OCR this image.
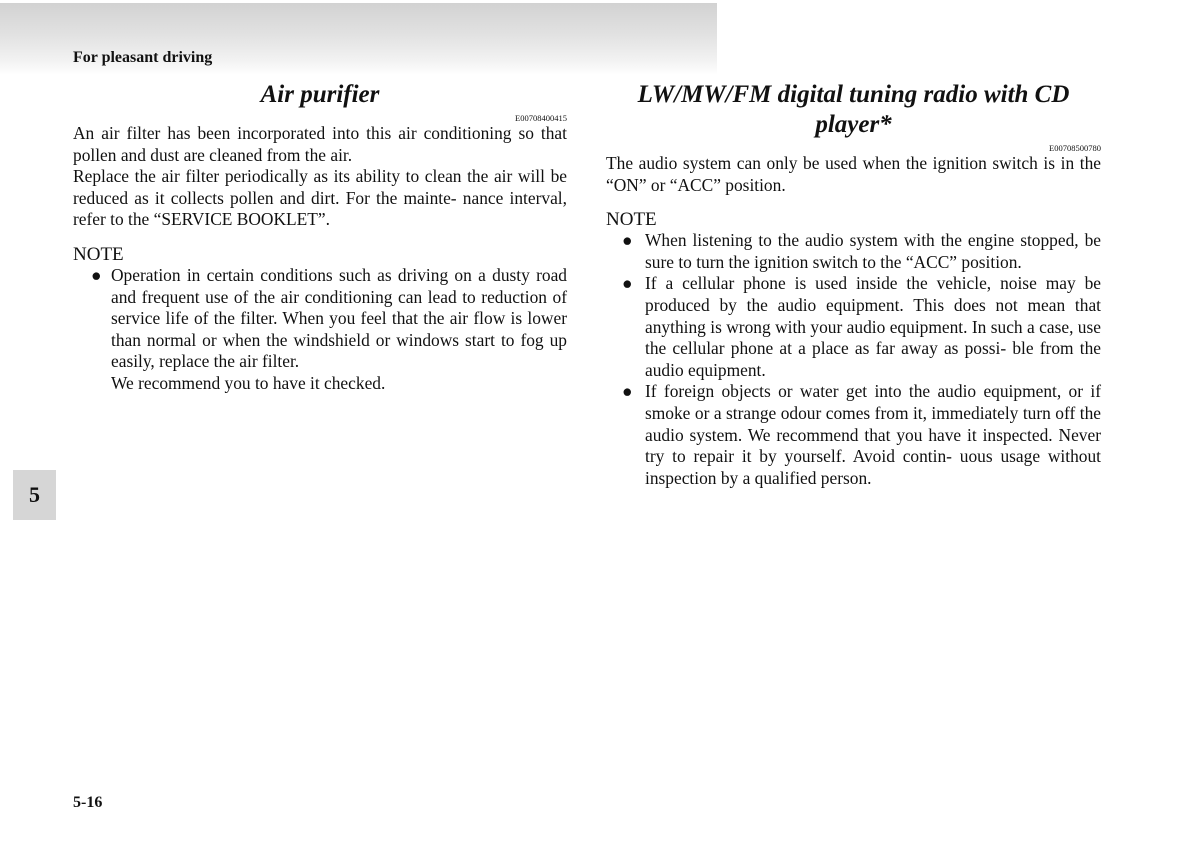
For pleasant driving
5
5-16
Air purifier
E00708400415

An air filter has been incorporated into this air conditioning so that pollen and dust are cleaned from the air.

Replace the air filter periodically as its ability to clean the air will be reduced as it collects pollen and dirt. For the mainte- nance interval, refer to the “SERVICE BOOKLET”.

NOTE
● Operation in certain conditions such as driving on a dusty road and frequent use of the air conditioning can lead to reduction of service life of the filter. When you feel that the air flow is lower than normal or when the windshield or windows start to fog up easily, replace the air filter.
We recommend you to have it checked.
LW/MW/FM digital tuning radio with CD player*
E00708500780

The audio system can only be used when the ignition switch is in the “ON” or “ACC” position.

NOTE
● When listening to the audio system with the engine stopped, be sure to turn the ignition switch to the “ACC” position.
● If a cellular phone is used inside the vehicle, noise may be produced by the audio equipment. This does not mean that anything is wrong with your audio equipment. In such a case, use the cellular phone at a place as far away as possi- ble from the audio equipment.
● If foreign objects or water get into the audio equipment, or if smoke or a strange odour comes from it, immediately turn off the audio system. We recommend that you have it inspected. Never try to repair it by yourself. Avoid contin- uous usage without inspection by a qualified person.
